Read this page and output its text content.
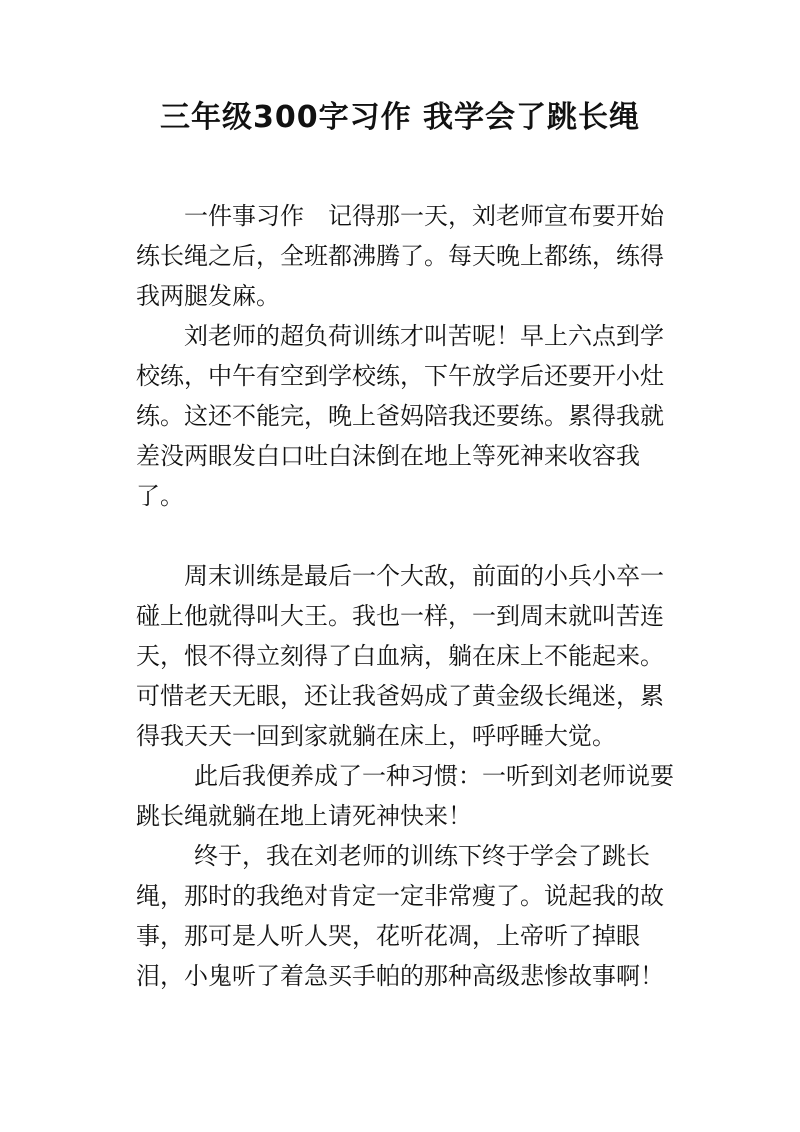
三年级300字习作 我学会了跳长绳

一件事习作　记得那一天，刘老师宣布要开始练长绳之后，全班都沸腾了。每天晚上都练，练得我两腿发麻。

刘老师的超负荷训练才叫苦呢！早上六点到学校练，中午有空到学校练，下午放学后还要开小灶练。这还不能完，晚上爸妈陪我还要练。累得我就差没两眼发白口吐白沫倒在地上等死神来收容我了。

周末训练是最后一个大敌，前面的小兵小卒一碰上他就得叫大王。我也一样，一到周末就叫苦连天，恨不得立刻得了白血病，躺在床上不能起来。可惜老天无眼，还让我爸妈成了黄金级长绳迷，累得我天天一回到家就躺在床上，呼呼睡大觉。

此后我便养成了一种习惯：一听到刘老师说要跳长绳就躺在地上请死神快来！

终于，我在刘老师的训练下终于学会了跳长绳，那时的我绝对肯定一定非常瘦了。说起我的故事，那可是人听人哭，花听花凋，上帝听了掉眼泪，小鬼听了着急买手帕的那种高级悲惨故事啊！
